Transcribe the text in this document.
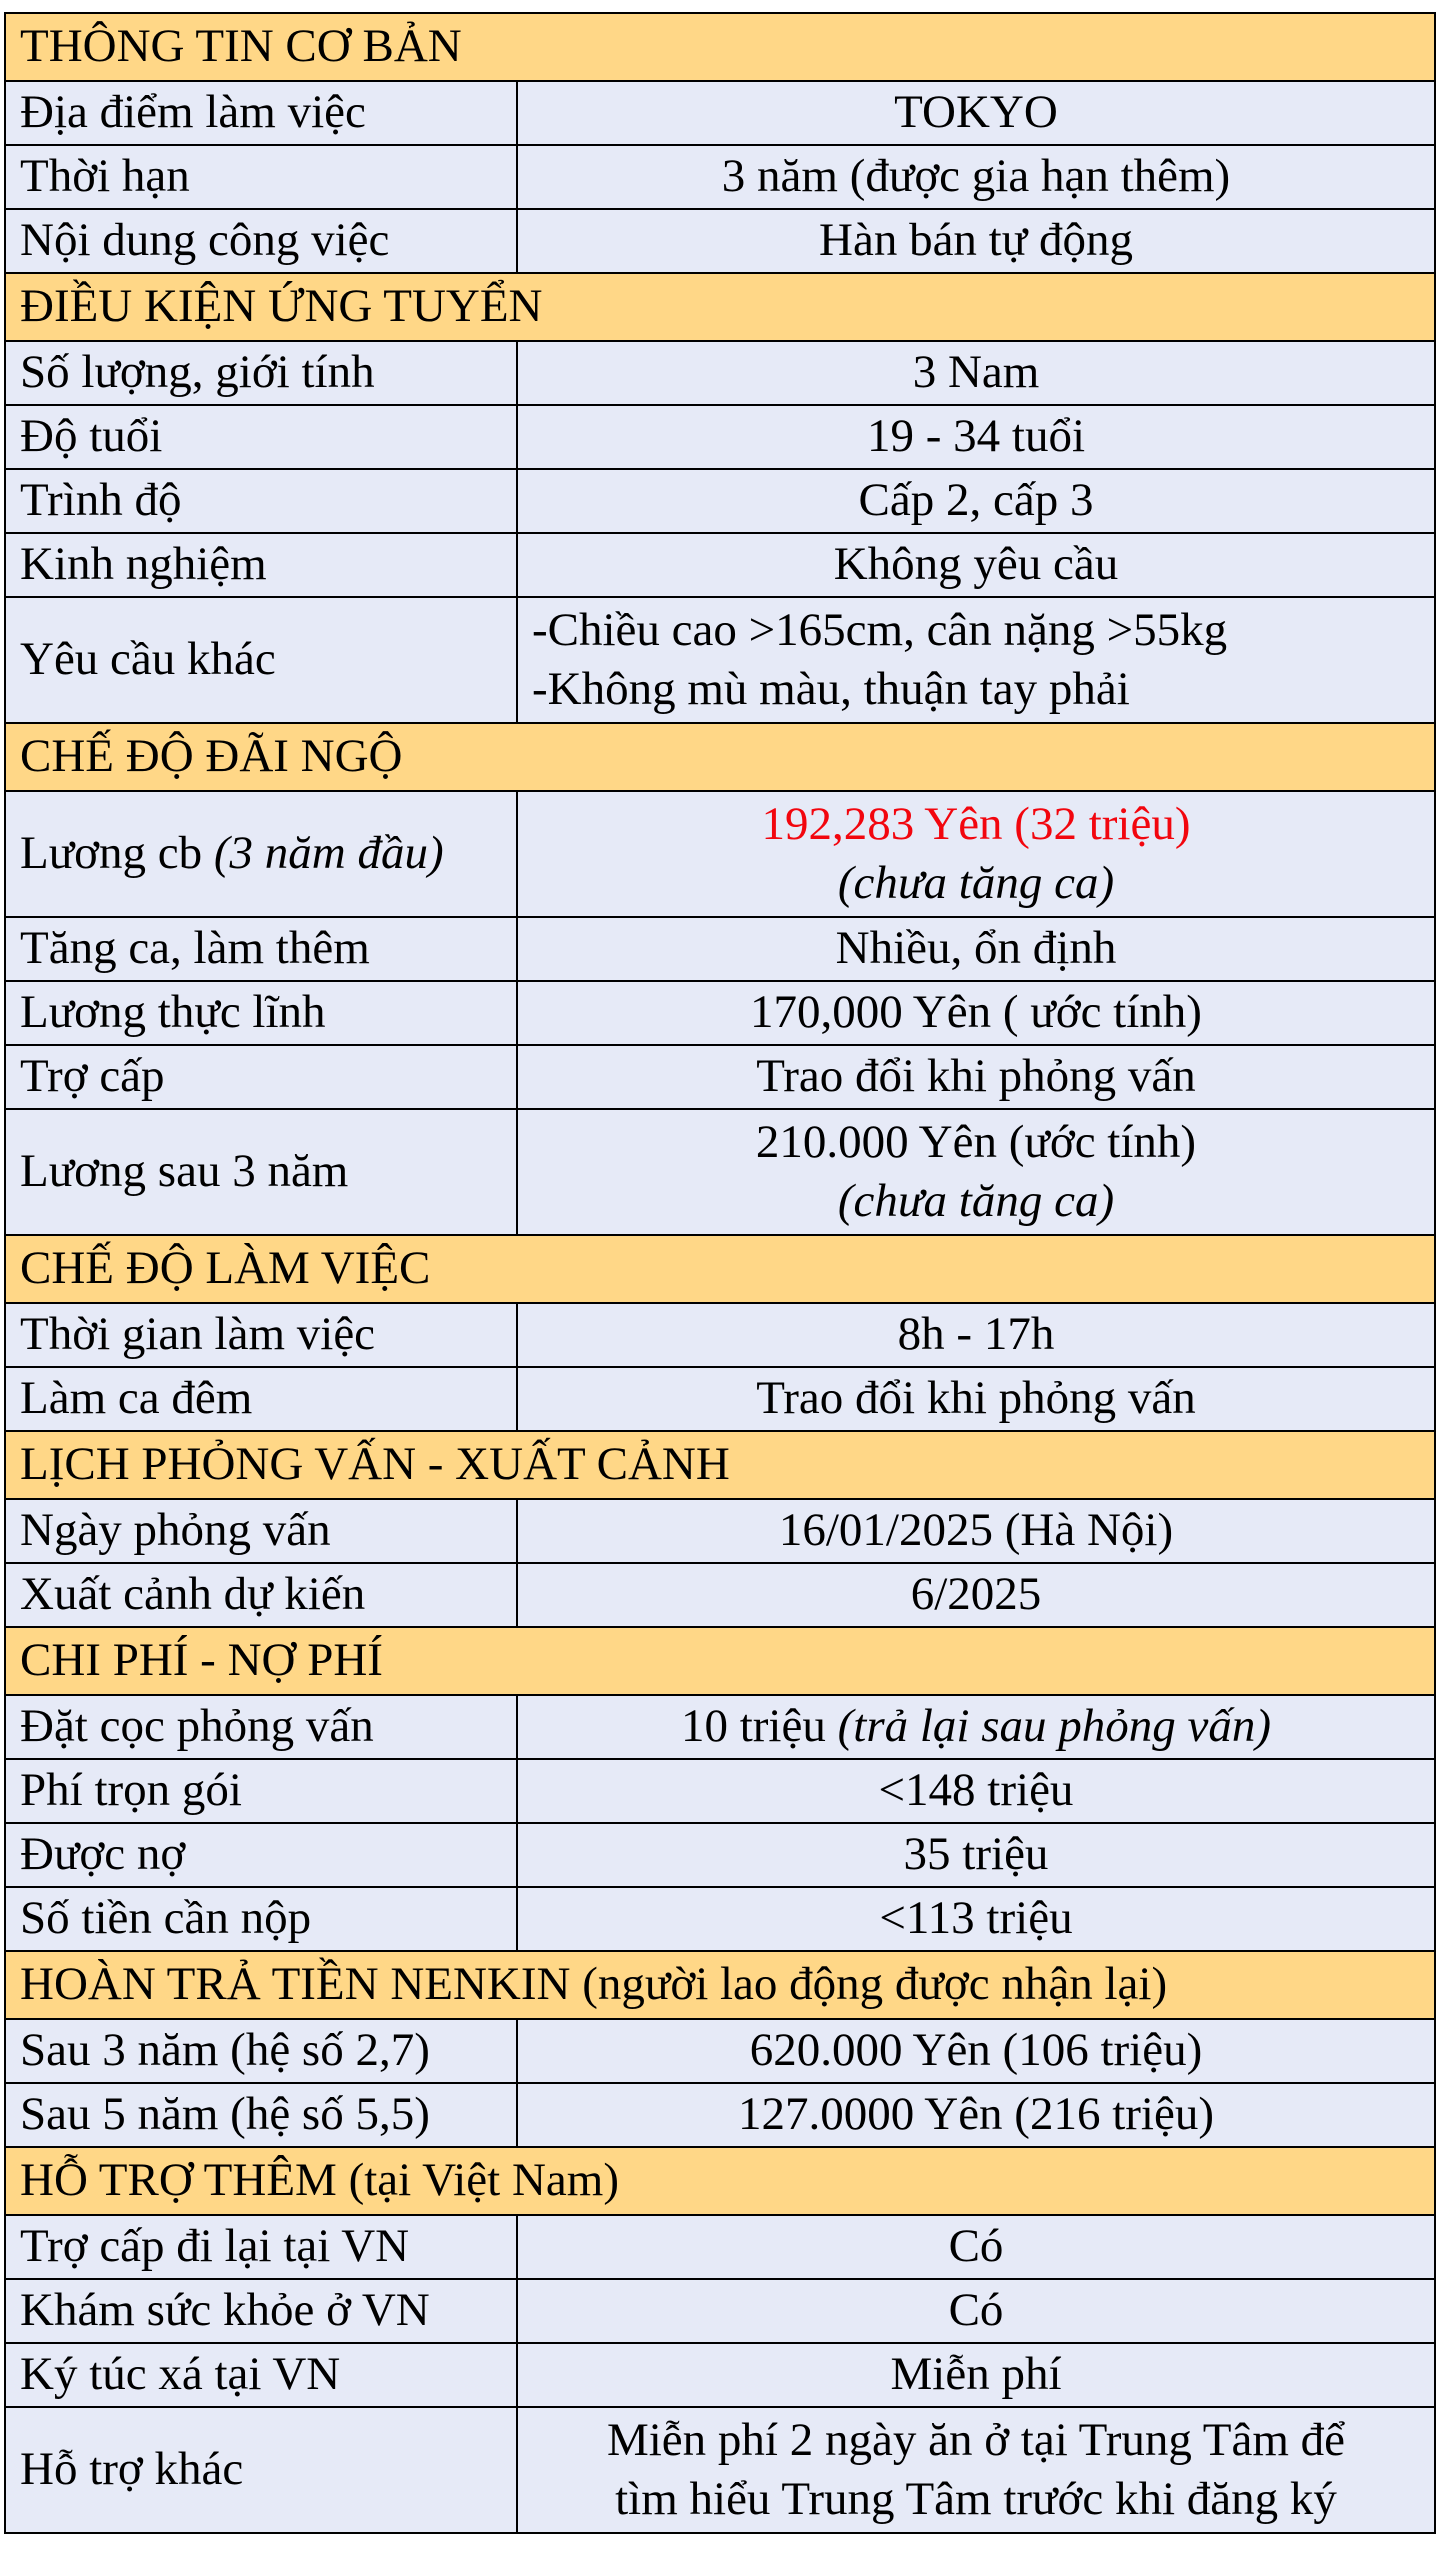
THÔNG TIN CƠ BẢN	
Địa điểm làm việc	TOKYO
Thời hạn	3 năm (được gia hạn thêm)
Nội dung công việc	Hàn bán tự động
ĐIỀU KIỆN ỨNG TUYỂN	
Số lượng, giới tính	3 Nam
Độ tuổi	19 - 34 tuổi
Trình độ	Cấp 2, cấp 3
Kinh nghiệm	Không yêu cầu
Yêu cầu khác	-Chiều cao >165cm, cân nặng >55kg
-Không mù màu, thuận tay phải

CHẾ ĐỘ ĐÃI NGỘ	
Lương cb (3 năm đầu)	192,283 Yên (32 triệu)
(chưa tăng ca)

Tăng ca, làm thêm	Nhiều, ổn định
Lương thực lĩnh	170,000 Yên ( ước tính)
Trợ cấp	Trao đổi khi phỏng vấn
Lương sau 3 năm	210.000 Yên (ước tính)
(chưa tăng ca)

CHẾ ĐỘ LÀM VIỆC	
Thời gian làm việc	8h - 17h
Làm ca đêm	Trao đổi khi phỏng vấn
LỊCH PHỎNG VẤN - XUẤT CẢNH	
Ngày phỏng vấn	16/01/2025 (Hà Nội)
Xuất cảnh dự kiến	6/2025
CHI PHÍ - NỢ PHÍ	
Đặt cọc phỏng vấn	10 triệu (trả lại sau phỏng vấn)
Phí trọn gói	<148 triệu
Được nợ	35 triệu
Số tiền cần nộp	<113 triệu
HOÀN TRẢ TIỀN NENKIN (người lao động được nhận lại)	
Sau 3 năm (hệ số 2,7)	620.000 Yên (106 triệu)
Sau 5 năm (hệ số 5,5)	127.0000 Yên (216 triệu)
HỖ TRỢ THÊM (tại Việt Nam)	
Trợ cấp đi lại tại VN	Có
Khám sức khỏe ở VN	Có
Ký túc xá tại VN	Miễn phí
Hỗ trợ khác	Miễn phí 2 ngày ăn ở tại Trung Tâm để
tìm hiểu Trung Tâm trước khi đăng ký
